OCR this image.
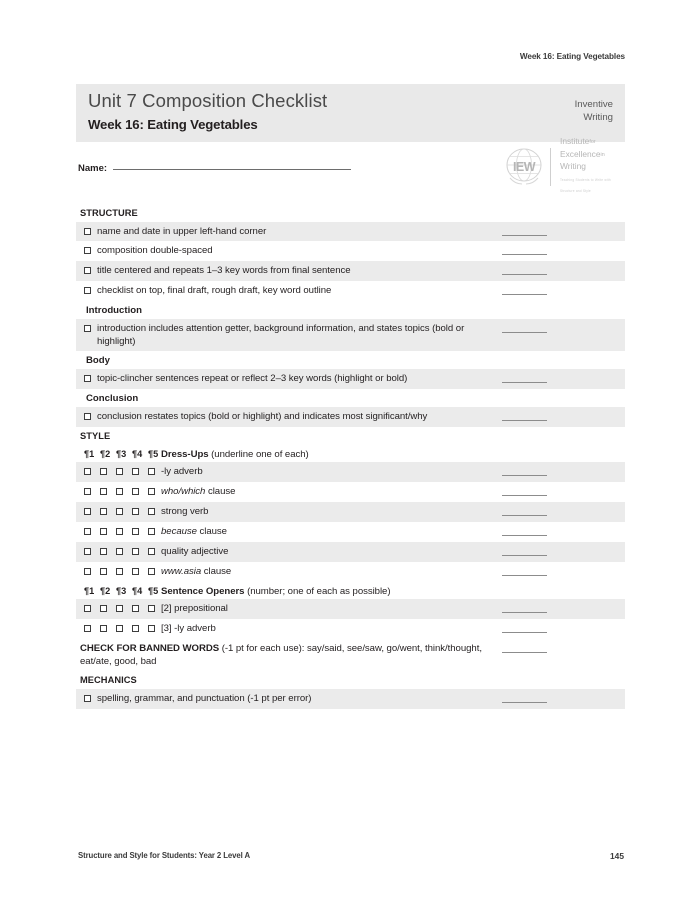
Week 16: Eating Vegetables
Unit 7 Composition Checklist
Week 16: Eating Vegetables
Inventive
Writing
Name:	IEW
Institutefor
Excellencein
Writing
Teaching Students to Write with Structure and Style
STRUCTURE
name and date in upper left-hand corner
composition double-spaced
title centered and repeats 1–3 key words from final sentence
checklist on top, final draft, rough draft, key word outline
Introduction
introduction includes attention getter, background information, and states topics (bold or highlight)
Body
topic-clincher sentences repeat or reflect 2–3 key words (highlight or bold)
Conclusion
conclusion restates topics (bold or highlight) and indicates most significant/why
STYLE
¶1 ¶2 ¶3 ¶4 ¶5 Dress-Ups (underline one of each)
-ly adverb
who/which clause
strong verb
because clause
quality adjective
www.asia clause
¶1 ¶2 ¶3 ¶4 ¶5 Sentence Openers (number; one of each as possible)
[2] prepositional
[3] -ly adverb
CHECK FOR BANNED WORDS (-1 pt for each use): say/said, see/saw, go/went, think/thought, eat/ate, good, bad
MECHANICS
spelling, grammar, and punctuation (-1 pt per error)
Structure and Style for Students: Year 2 Level A	145
